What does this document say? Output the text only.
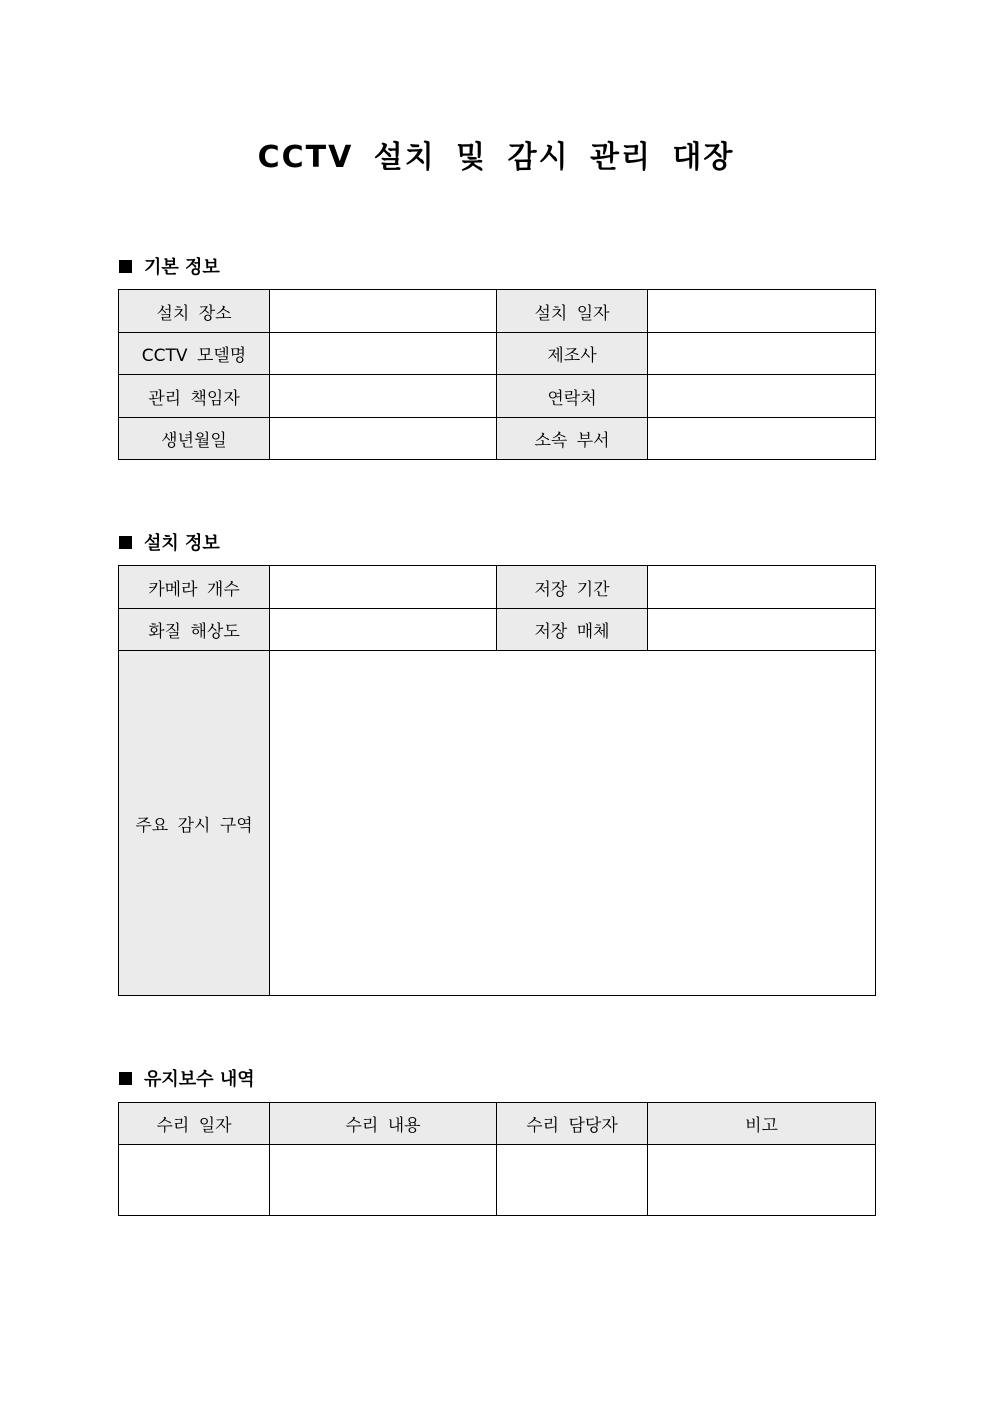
CCTV 설치 및 감시 관리 대장
기본 정보
설치 장소		설치 일자	
CCTV 모델명		제조사	
관리 책임자		연락처	
생년월일		소속 부서	
설치 정보
카메라 개수		저장 기간	
화질 해상도		저장 매체	
주요 감시 구역			
유지보수 내역
수리 일자	수리 내용	수리 담당자	비고
